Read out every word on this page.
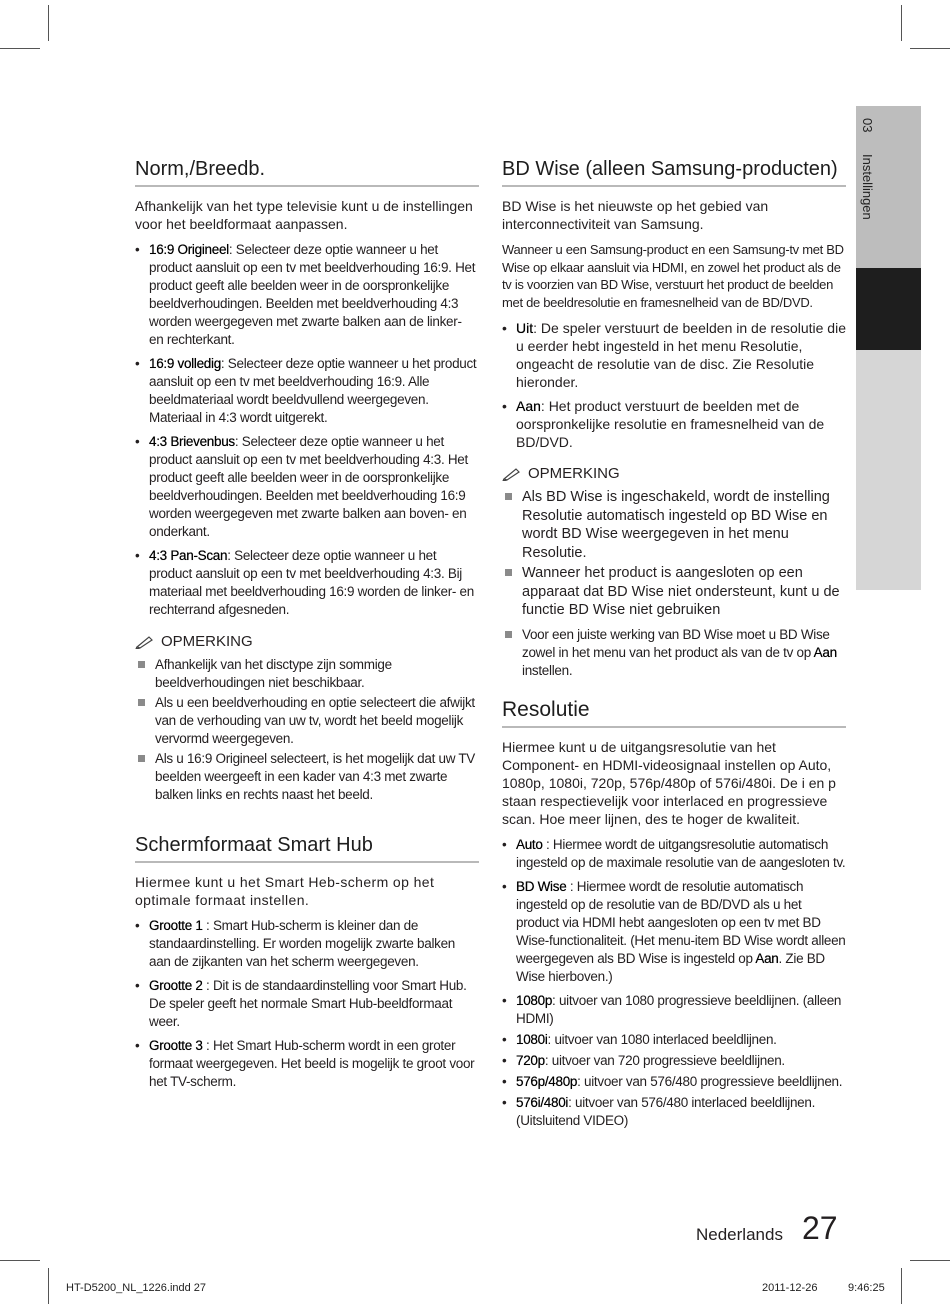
03
Instellingen
Norm,/Breedb.

Afhankelijk van het type televisie kunt u de instellingen voor het beeldformaat aanpassen.

• 16:9 Origineel: Selecteer deze optie wanneer u het product aansluit op een tv met beeldverhouding 16:9. Het product geeft alle beelden weer in de oorspronkelijke beeldverhoudingen. Beelden met beeldverhouding 4:3 worden weergegeven met zwarte balken aan de linker- en rechterkant.
• 16:9 volledig: Selecteer deze optie wanneer u het product aansluit op een tv met beeldverhouding 16:9. Alle beeldmateriaal wordt beeldvullend weergegeven. Materiaal in 4:3 wordt uitgerekt.
• 4:3 Brievenbus: Selecteer deze optie wanneer u het product aansluit op een tv met beeldverhouding 4:3. Het product geeft alle beelden weer in de oorspronkelijke beeldverhoudingen. Beelden met beeldverhouding 16:9 worden weergegeven met zwarte balken aan boven- en onderkant.
• 4:3 Pan-Scan: Selecteer deze optie wanneer u het product aansluit op een tv met beeldverhouding 4:3. Bij materiaal met beeldverhouding 16:9 worden de linker- en rechterrand afgesneden.
OPMERKING
Afhankelijk van het disctype zijn sommige beeldverhoudingen niet beschikbaar.
Als u een beeldverhouding en optie selecteert die afwijkt van de verhouding van uw tv, wordt het beeld mogelijk vervormd weergegeven.
Als u 16:9 Origineel selecteert, is het mogelijk dat uw TV beelden weergeeft in een kader van 4:3 met zwarte balken links en rechts naast het beeld.
Schermformaat Smart Hub

Hiermee kunt u het Smart Heb-scherm op het optimale formaat instellen.

• Grootte 1 : Smart Hub-scherm is kleiner dan de standaardinstelling. Er worden mogelijk zwarte balken aan de zijkanten van het scherm weergegeven.
• Grootte 2 : Dit is de standaardinstelling voor Smart Hub. De speler geeft het normale Smart Hub-beeldformaat weer.
• Grootte 3 : Het Smart Hub-scherm wordt in een groter formaat weergegeven. Het beeld is mogelijk te groot voor het TV-scherm.
BD Wise (alleen Samsung-producten)

BD Wise is het nieuwste op het gebied van interconnectiviteit van Samsung.

Wanneer u een Samsung-product en een Samsung-tv met BD Wise op elkaar aansluit via HDMI, en zowel het product als de tv is voorzien van BD Wise, verstuurt het product de beelden met de beeldresolutie en framesnelheid van de BD/DVD.

• Uit: De speler verstuurt de beelden in de resolutie die u eerder hebt ingesteld in het menu Resolutie, ongeacht de resolutie van de disc. Zie Resolutie hieronder.
• Aan: Het product verstuurt de beelden met de oorspronkelijke resolutie en framesnelheid van de BD/DVD.
OPMERKING
Als BD Wise is ingeschakeld, wordt de instelling Resolutie automatisch ingesteld op BD Wise en wordt BD Wise weergegeven in het menu Resolutie.
Wanneer het product is aangesloten op een apparaat dat BD Wise niet ondersteunt, kunt u de functie BD Wise niet gebruiken
Voor een juiste werking van BD Wise moet u BD Wise zowel in het menu van het product als van de tv op Aan instellen.
Resolutie

Hiermee kunt u de uitgangsresolutie van het Component- en HDMI-videosignaal instellen op Auto, 1080p, 1080i, 720p, 576p/480p of 576i/480i. De i en p staan respectievelijk voor interlaced en progressieve scan. Hoe meer lijnen, des te hoger de kwaliteit.

• Auto : Hiermee wordt de uitgangsresolutie automatisch ingesteld op de maximale resolutie van de aangesloten tv.
• BD Wise : Hiermee wordt de resolutie automatisch ingesteld op de resolutie van de BD/DVD als u het product via HDMI hebt aangesloten op een tv met BD Wise-functionaliteit. (Het menu-item BD Wise wordt alleen weergegeven als BD Wise is ingesteld op Aan. Zie BD Wise hierboven.)
• 1080p: uitvoer van 1080 progressieve beeldlijnen. (alleen HDMI)
• 1080i: uitvoer van 1080 interlaced beeldlijnen.
• 720p: uitvoer van 720 progressieve beeldlijnen.
• 576p/480p: uitvoer van 576/480 progressieve beeldlijnen.
• 576i/480i: uitvoer van 576/480 interlaced beeldlijnen. (Uitsluitend VIDEO)
Nederlands 27
HT-D5200_NL_1226.indd 27	2011-12-26	9:46:25
